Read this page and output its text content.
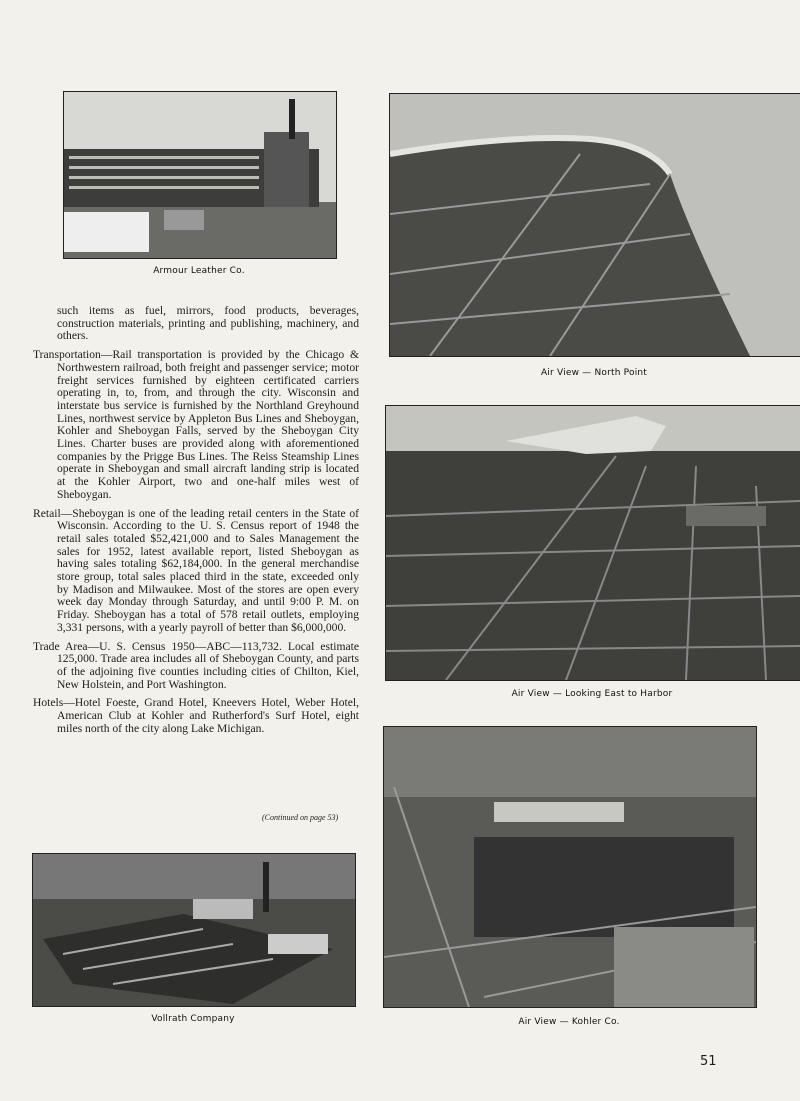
Armour Leather Co.
Air View — North Point
Air View — Looking East to Harbor
Air View — Kohler Co.
Vollrath Company

such items as fuel, mirrors, food products, beverages, construction materials, printing and publishing, machinery, and others.

Transportation—Rail transportation is provided by the Chicago & Northwestern railroad, both freight and passenger service; motor freight services furnished by eighteen certificated carriers operating in, to, from, and through the city. Wisconsin and interstate bus service is furnished by the Northland Greyhound Lines, northwest service by Appleton Bus Lines and Sheboygan, Kohler and Sheboygan Falls, served by the Sheboygan City Lines. Charter buses are provided along with aforementioned companies by the Prigge Bus Lines. The Reiss Steamship Lines operate in Sheboygan and small aircraft landing strip is located at the Kohler Airport, two and one-half miles west of Sheboygan.

Retail—Sheboygan is one of the leading retail centers in the State of Wisconsin. According to the U. S. Census report of 1948 the retail sales totaled $52,421,000 and to Sales Management the sales for 1952, latest available report, listed Sheboygan as having sales totaling $62,184,000. In the general merchandise store group, total sales placed third in the state, exceeded only by Madison and Milwaukee. Most of the stores are open every week day Monday through Saturday, and until 9:00 P. M. on Friday. Sheboygan has a total of 578 retail outlets, employing 3,331 persons, with a yearly payroll of better than $6,000,000.

Trade Area—U. S. Census 1950—ABC—113,732. Local estimate 125,000. Trade area includes all of Sheboygan County, and parts of the adjoining five counties including cities of Chilton, Kiel, New Holstein, and Port Washington.

Hotels—Hotel Foeste, Grand Hotel, Kneevers Hotel, Weber Hotel, American Club at Kohler and Rutherford's Surf Hotel, eight miles north of the city along Lake Michigan.

(Continued on page 53)
51
